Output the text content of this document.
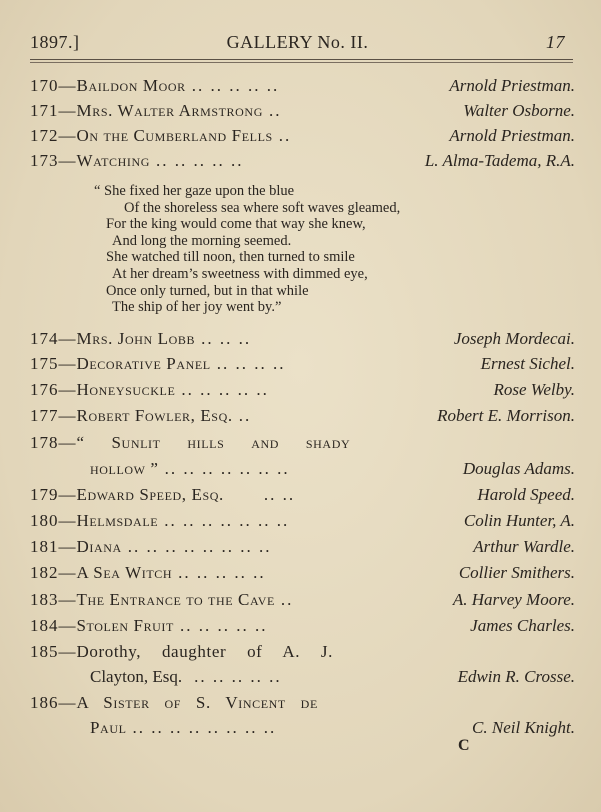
1897.]	GALLERY No. II.	17
170—Baildon Moor .. .. .. .. ..	Arnold Priestman.
171—Mrs. Walter Armstrong ..	Walter Osborne.
172—On the Cumberland Fells ..	Arnold Priestman.
173—Watching .. .. .. .. ..	L. Alma-Tadema, R.A.
“ She fixed her gaze upon the blue
Of the shoreless sea where soft waves gleamed,
For the king would come that way she knew,
And long the morning seemed.
She watched till noon, then turned to smile
At her dream’s sweetness with dimmed eye,
Once only turned, but in that while
The ship of her joy went by.”
174—Mrs. John Lobb .. .. ..	Joseph Mordecai.
175—Decorative Panel .. .. .. ..	Ernest Sichel.
176—Honeysuckle .. .. .. .. ..	Rose Welby.
177—Robert Fowler, Esq. ..	Robert E. Morrison.
178—“ Sunlit hills and shady
hollow ” .. .. .. .. .. .. ..	Douglas Adams.
179—Edward Speed, Esq. .. ..	Harold Speed.
180—Helmsdale .. .. .. .. .. .. ..	Colin Hunter, A.
181—Diana .. .. .. .. .. .. .. ..	Arthur Wardle.
182—A Sea Witch .. .. .. .. ..	Collier Smithers.
183—The Entrance to the Cave ..	A. Harvey Moore.
184—Stolen Fruit .. .. .. .. ..	James Charles.
185—Dorothy, daughter of A. J.
Clayton, Esq. .. .. .. .. ..	Edwin R. Crosse.
186—A Sister of S. Vincent de
Paul .. .. .. .. .. .. .. ..	C. Neil Knight.
C
